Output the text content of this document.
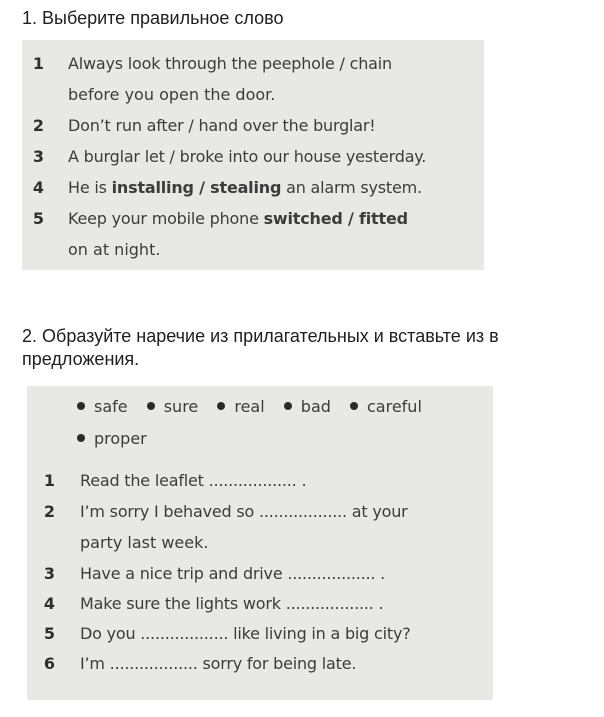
1. Выберите правильное слово

1 Always look through the peephole / chain
before you open the door.
2 Don’t run after / hand over the burglar!
3 A burglar let / broke into our house yesterday.
4 He is installing / stealing an alarm system.
5 Keep your mobile phone switched / fitted
on at night.

2. Образуйте наречие из прилагательных и вставьте из в предложения.

safe sure real bad careful
proper
1 Read the leaflet .................. .
2 I’m sorry I behaved so .................. at your
party last week.
3 Have a nice trip and drive .................. .
4 Make sure the lights work .................. .
5 Do you .................. like living in a big city?
6 I’m .................. sorry for being late.
